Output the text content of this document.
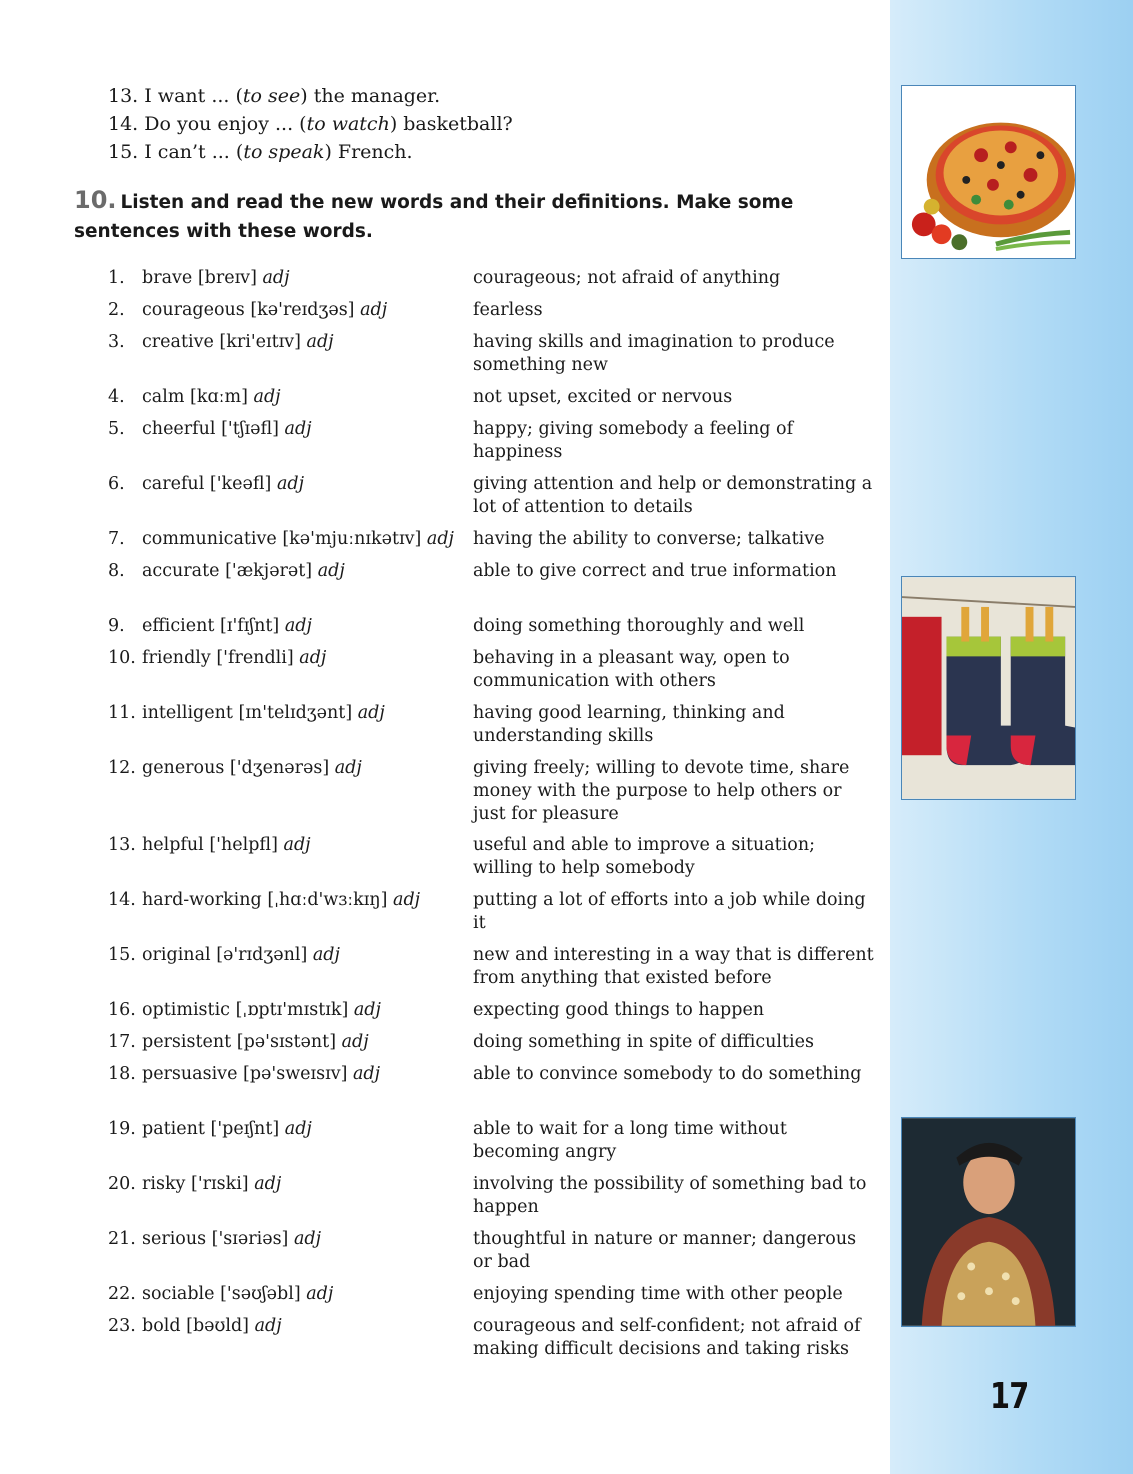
13. I want ... (to see) the manager.
14. Do you enjoy ... (to watch) basketball?
15. I can’t ... (to speak) French.
10. Listen and read the new words and their definitions. Make some sentences with these words.
1. brave [breɪv] adj	courageous; not afraid of anything
2. courageous [kə'reɪdʒəs] adj	fearless
3. creative [kri'eɪtɪv] adj	having skills and imagination to produce something new
4. calm [kɑːm] adj	not upset, excited or nervous
5. cheerful ['tʃɪəfl] adj	happy; giving somebody a feeling of happiness
6. careful ['keəfl] adj	giving attention and help or demonstrating a lot of attention to details
7. communicative [kə'mjuːnɪkətɪv] adj having the ability to converse; talkative
8. accurate ['ækjərət] adj	able to give correct and true information
9. efficient [ɪ'fɪʃnt] adj	doing something thoroughly and well
10. friendly ['frendli] adj	behaving in a pleasant way, open to communication with others
11. intelligent [ɪn'telɪdʒənt] adj	having good learning, thinking and understanding skills
12. generous ['dʒenərəs] adj	giving freely; willing to devote time, share money with the purpose to help others or just for pleasure
13. helpful ['helpfl] adj	useful and able to improve a situation; willing to help somebody
14. hard-working [ˌhɑːd'wɜːkɪŋ] adj	putting a lot of efforts into a job while doing it
15. original [ə'rɪdʒənl] adj	new and interesting in a way that is different from anything that existed before
16. optimistic [ˌɒptɪ'mɪstɪk] adj	expecting good things to happen
17. persistent [pə'sɪstənt] adj	doing something in spite of difficulties
18. persuasive [pə'sweɪsɪv] adj	able to convince somebody to do something
19. patient ['peɪʃnt] adj	able to wait for a long time without becoming angry
20. risky ['rɪski] adj	involving the possibility of something bad to happen
21. serious ['sɪəriəs] adj	thoughtful in nature or manner; dangerous or bad
22. sociable ['səʊʃəbl] adj	enjoying spending time with other people
23. bold [bəʊld] adj	courageous and self-confident; not afraid of making difficult decisions and taking risks
17
